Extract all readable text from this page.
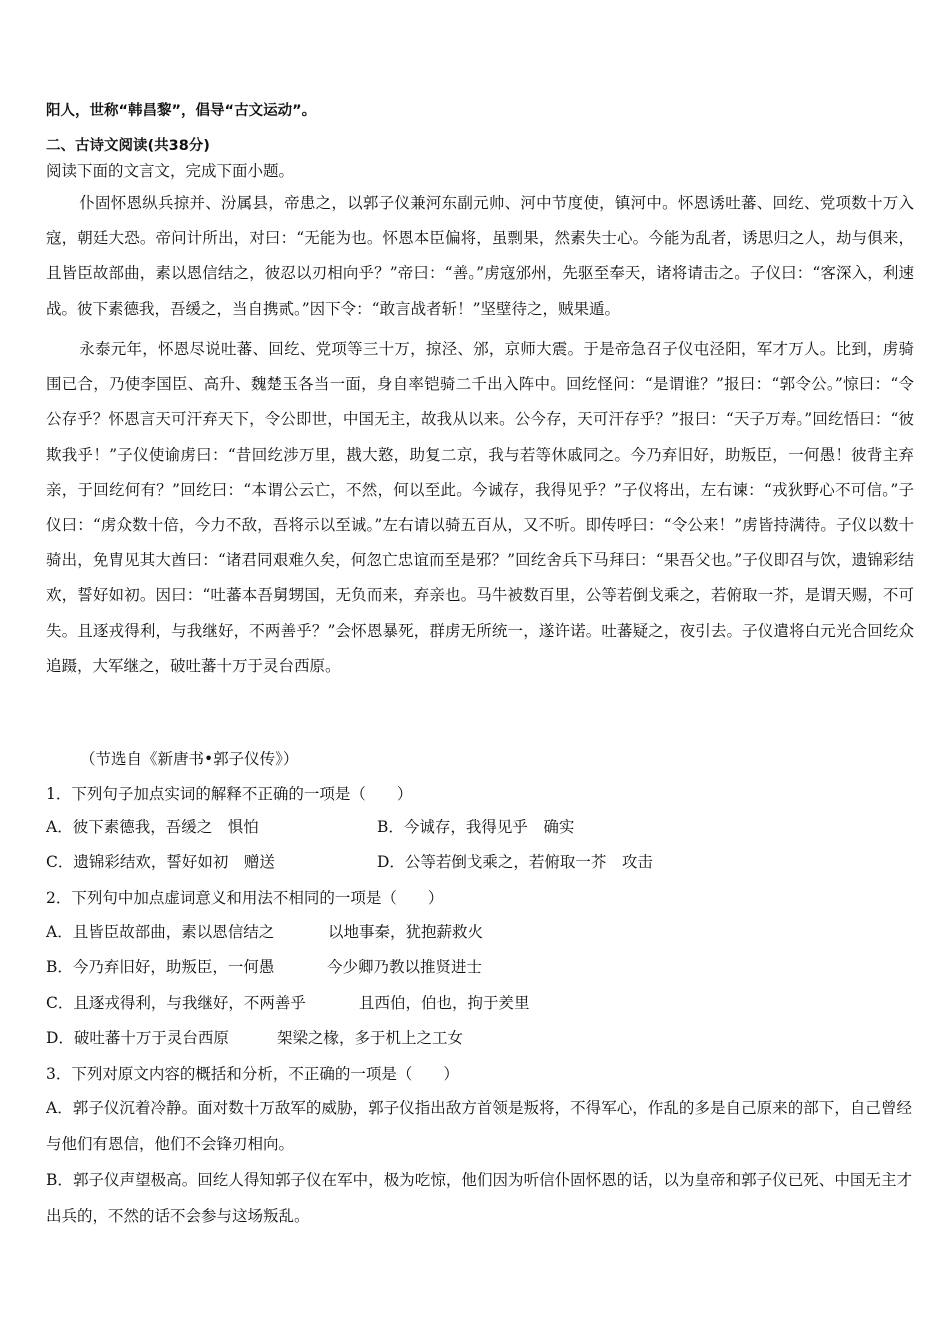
阳人，世称“韩昌黎”，倡导“古文运动”。
二、古诗文阅读(共38分)
阅读下面的文言文，完成下面小题。
仆固怀恩纵兵掠并、汾属县，帝患之，以郭子仪兼河东副元帅、河中节度使，镇河中。怀恩诱吐蕃、回纥、党项数十万入寇，朝廷大恐。帝问计所出，对曰：“无能为也。怀恩本臣偏将，虽剽果，然素失士心。今能为乱者，诱思归之人，劫与俱来，且皆臣故部曲，素以恩信结之，彼忍以刃相向乎？”帝曰：“善。”虏寇邠州，先驱至奉天，诸将请击之。子仪曰：“客深入，利速战。彼下素德我，吾缓之，当自携贰。”因下令：“敢言战者斩！”坚壁待之，贼果遁。
永泰元年，怀恩尽说吐蕃、回纥、党项等三十万，掠泾、邠，京师大震。于是帝急召子仪屯泾阳，军才万人。比到，虏骑围已合，乃使李国臣、高升、魏楚玉各当一面，身自率铠骑二千出入阵中。回纥怪问：“是谓谁？”报曰：“郭令公。”惊曰：“令公存乎？怀恩言天可汗弃天下，令公即世，中国无主，故我从以来。公今存，天可汗存乎？”报曰：“天子万寿。”回纥悟曰：“彼欺我乎！”子仪使谕虏曰：“昔回纥涉万里，戡大憝，助复二京，我与若等休戚同之。今乃弃旧好，助叛臣，一何愚！彼背主弃亲，于回纥何有？”回纥曰：“本谓公云亡，不然，何以至此。今诚存，我得见乎？”子仪将出，左右谏：“戎狄野心不可信。”子仪曰：“虏众数十倍，今力不敌，吾将示以至诚。”左右请以骑五百从，又不听。即传呼曰：“令公来！”虏皆持满待。子仪以数十骑出，免胄见其大酋曰：“诸君同艰难久矣，何忽亡忠谊而至是邪？”回纥舍兵下马拜曰：“果吾父也。”子仪即召与饮，遗锦彩结欢，誓好如初。因曰：“吐蕃本吾舅甥国，无负而来，弃亲也。马牛被数百里，公等若倒戈乘之，若俯取一芥，是谓天赐，不可失。且逐戎得利，与我继好，不两善乎？”会怀恩暴死，群虏无所统一，遂许诺。吐蕃疑之，夜引去。子仪遣将白元光合回纥众追蹑，大军继之，破吐蕃十万于灵台西原。
（节选自《新唐书•郭子仪传》）
1．下列句子加点实词的解释不正确的一项是（　　）
A．彼下素德我，吾缓之　惧怕	B．今诚存，我得见乎　确实
C．遗锦彩结欢，誓好如初　赠送	D．公等若倒戈乘之，若俯取一芥　攻击
2．下列句中加点虚词意义和用法不相同的一项是（　　）
A．且皆臣故部曲，素以恩信结之	以地事秦，犹抱薪救火
B．今乃弃旧好，助叛臣，一何愚	今少卿乃教以推贤进士
C．且逐戎得利，与我继好，不两善乎	且西伯，伯也，拘于羑里
D．破吐蕃十万于灵台西原	架梁之椽，多于机上之工女
3．下列对原文内容的概括和分析，不正确的一项是（　　）
A．郭子仪沉着冷静。面对数十万敌军的威胁，郭子仪指出敌方首领是叛将，不得军心，作乱的多是自己原来的部下，自己曾经与他们有恩信，他们不会锋刃相向。
B．郭子仪声望极高。回纥人得知郭子仪在军中，极为吃惊，他们因为听信仆固怀恩的话，以为皇帝和郭子仪已死、中国无主才出兵的，不然的话不会参与这场叛乱。
